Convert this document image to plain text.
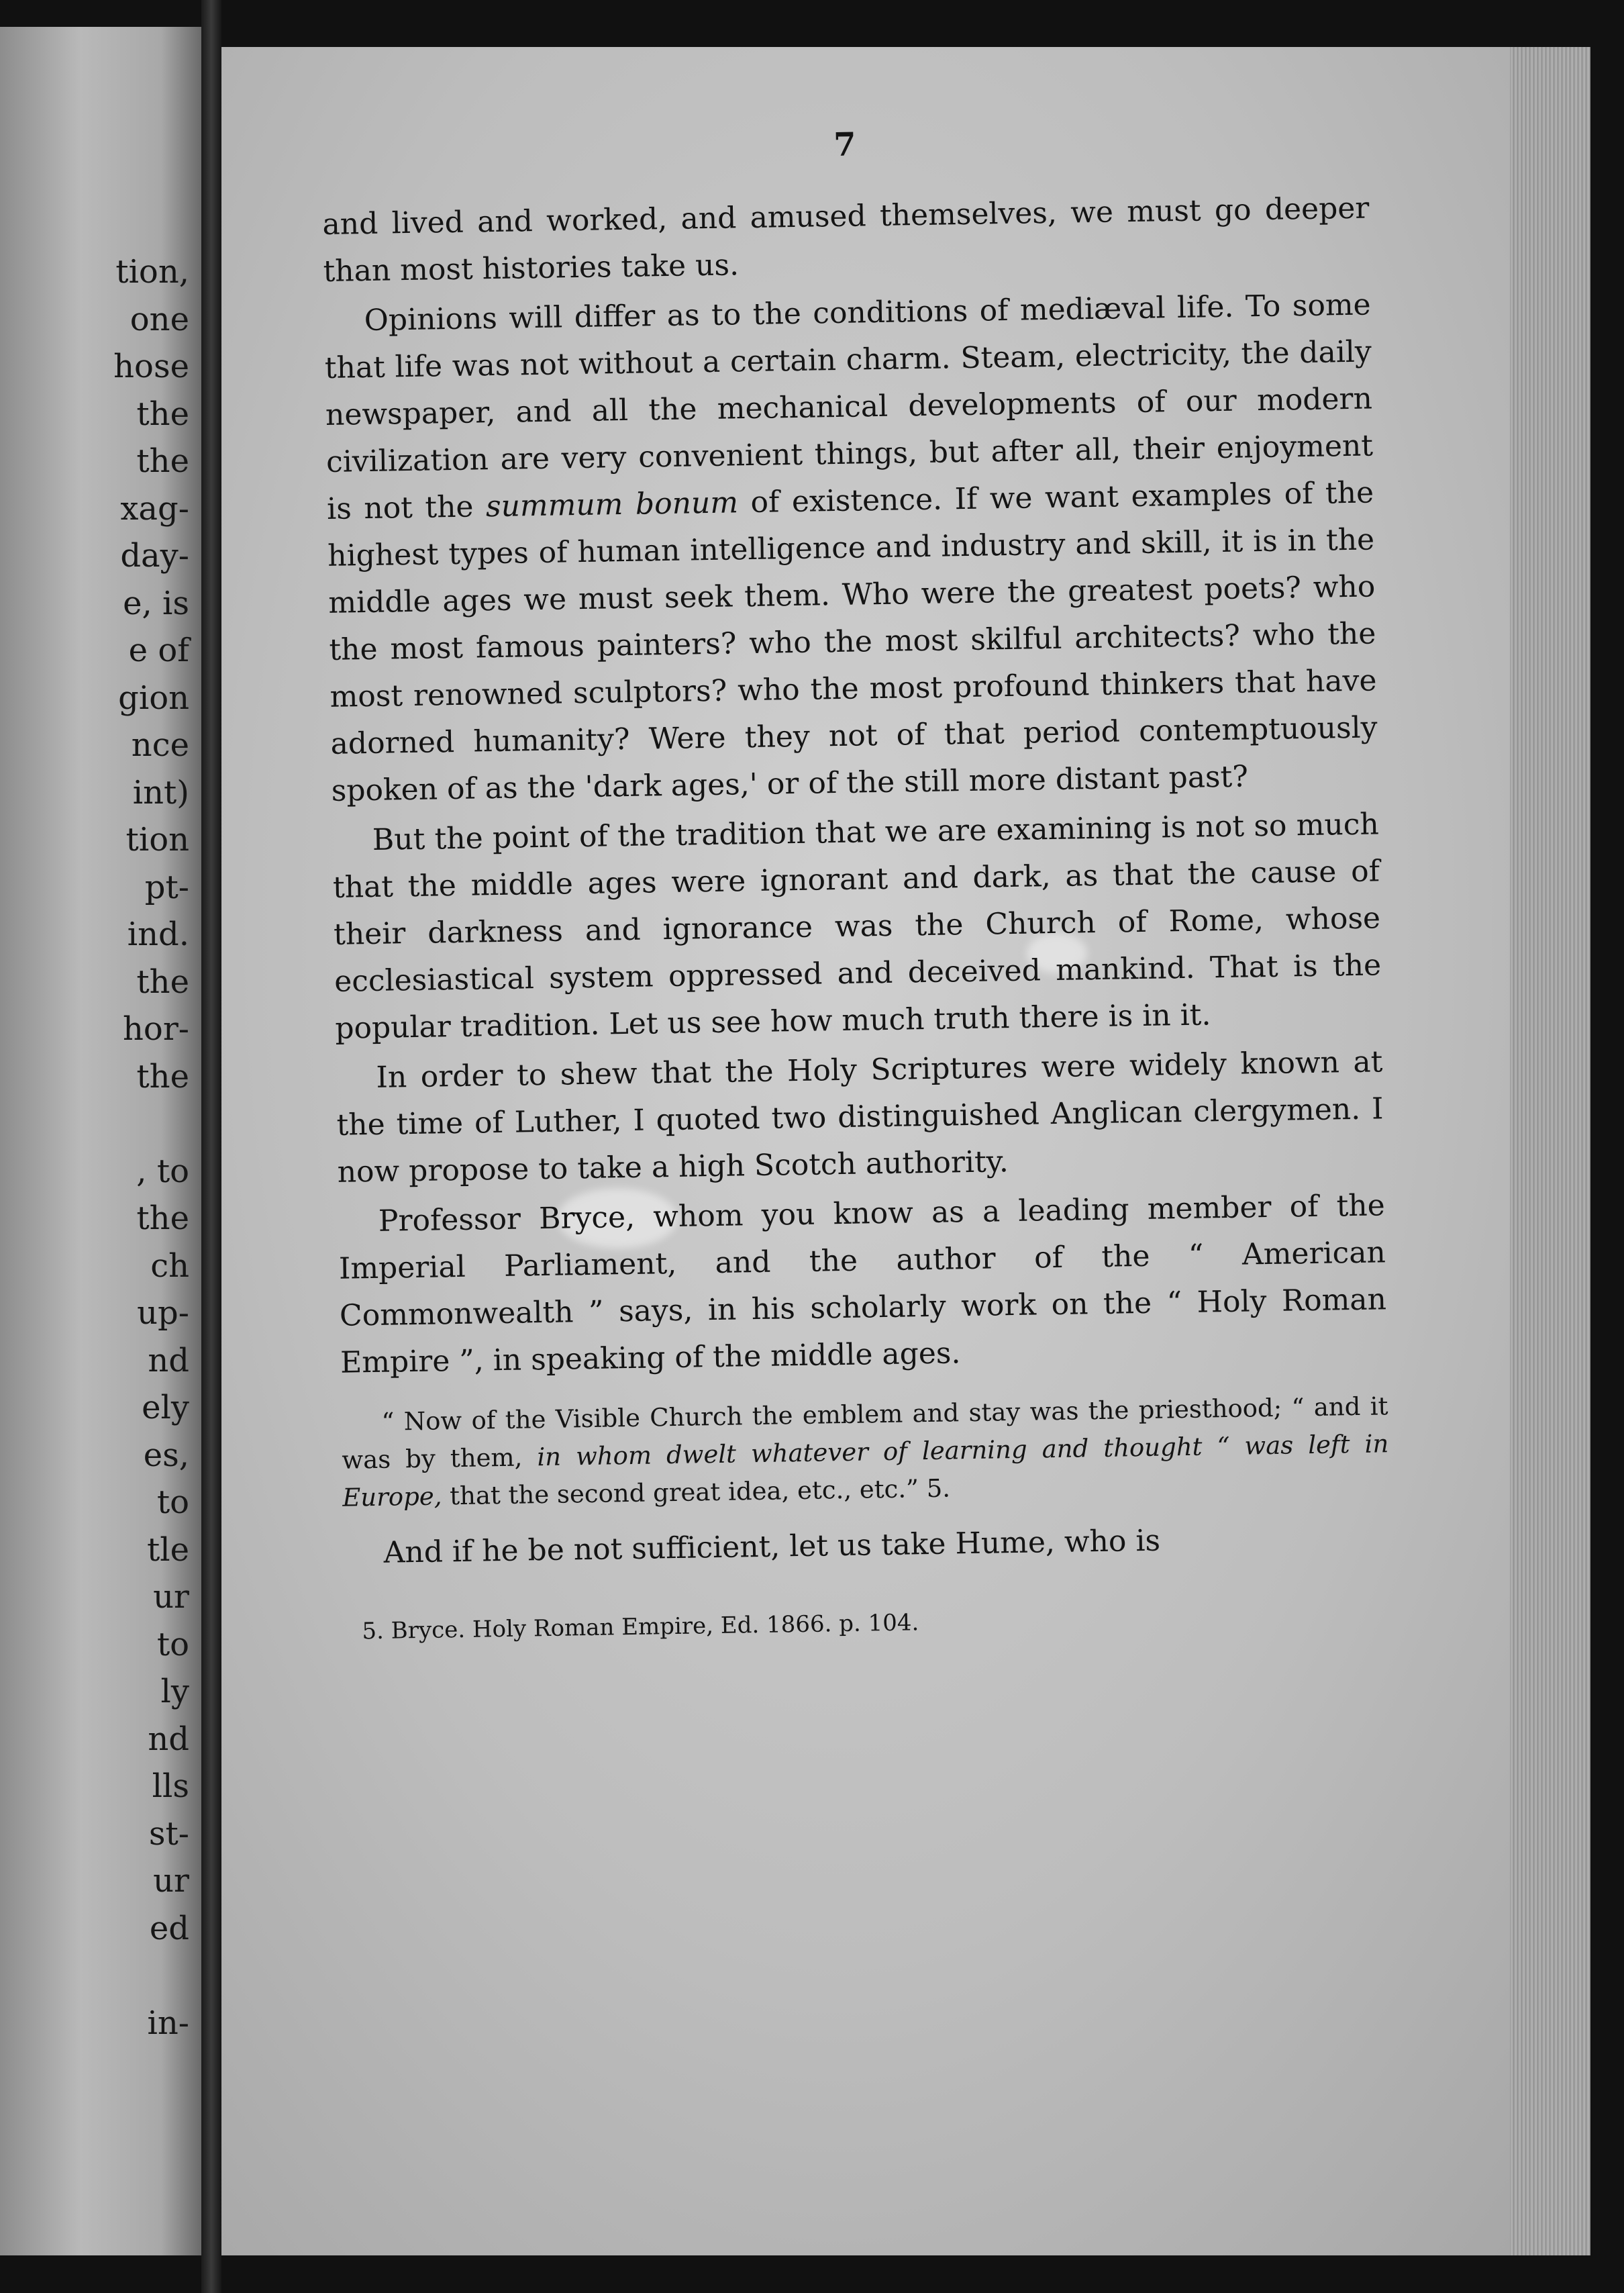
tion,
one
hose
the
the
xag-
day-
e, is
e of
gion
nce
int)
tion
pt-
ind.
the
hor-
the
, to
the
ch
up-
nd
ely
es,
to
tle
ur
to
ly
nd
lls
st-
ur
ed
in-
7

and lived and worked, and amused themselves, we must go deeper than most histories take us.

Opinions will differ as to the conditions of mediæval life. To some that life was not without a certain charm. Steam, electricity, the daily newspaper, and all the mechanical developments of our modern civilization are very convenient things, but after all, their enjoyment is not the summum bonum of existence. If we want examples of the highest types of human intelligence and industry and skill, it is in the middle ages we must seek them. Who were the greatest poets? who the most famous painters? who the most skilful architects? who the most renowned sculptors? who the most profound thinkers that have adorned humanity? Were they not of that period contemptuously spoken of as the 'dark ages,' or of the still more distant past?

But the point of the tradition that we are examining is not so much that the middle ages were ignorant and dark, as that the cause of their darkness and ignorance was the Church of Rome, whose ecclesiastical system oppressed and deceived mankind. That is the popular tradition. Let us see how much truth there is in it.

In order to shew that the Holy Scriptures were widely known at the time of Luther, I quoted two distinguished Anglican clergymen. I now propose to take a high Scotch authority.

Professor Bryce, whom you know as a leading member of the Imperial Parliament, and the author of the “ American Commonwealth ” says, in his scholarly work on the “ Holy Roman Empire ”, in speaking of the middle ages.

“ Now of the Visible Church the emblem and stay was the priesthood; “ and it was by them, in whom dwelt whatever of learning and thought “ was left in Europe, that the second great idea, etc., etc.” 5.

And if he be not sufficient, let us take Hume, who is

5. Bryce. Holy Roman Empire, Ed. 1866. p. 104.
